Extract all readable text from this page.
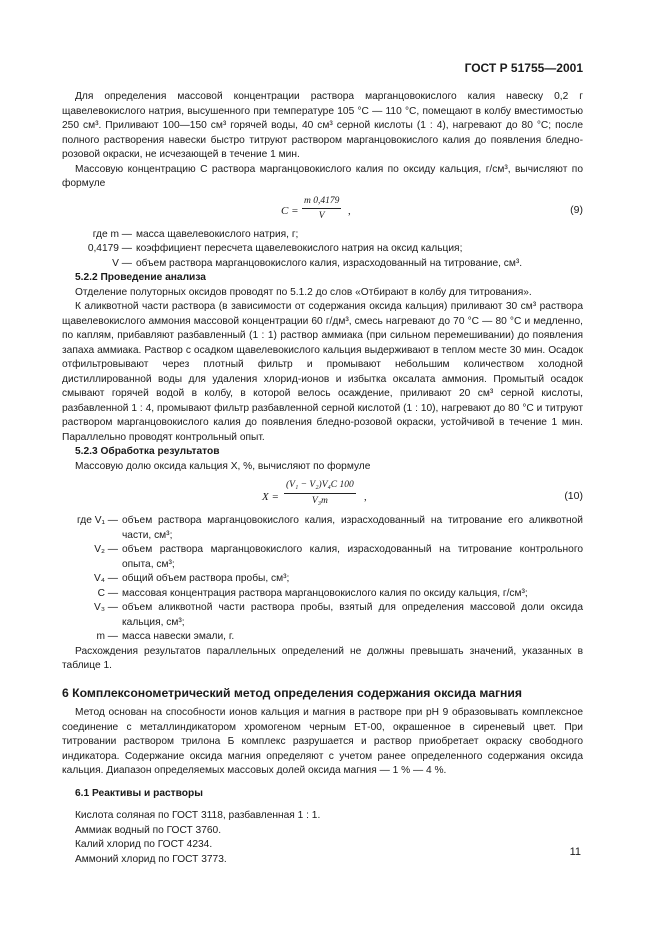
ГОСТ Р 51755—2001

Для определения массовой концентрации раствора марганцовокислого калия навеску 0,2 г щавелевокислого натрия, высушенного при температуре 105 °С — 110 °С, помещают в колбу вместимостью 250 см³. Приливают 100—150 см³ горячей воды, 40 см³ серной кислоты (1 : 4), нагревают до 80 °С; после полного растворения навески быстро титруют раствором марганцовокислого калия до появления бледно-розовой окраски, не исчезающей в течение 1 мин.

Массовую концентрацию С раствора марганцовокислого калия по оксиду кальция, г/см³, вычисляют по формуле

$C = \frac{m 0,4179}{V}$ ,	(9)
где m — масса щавелевокислого натрия, г;
0,4179 — коэффициент пересчета щавелевокислого натрия на оксид кальция;
V — объем раствора марганцовокислого калия, израсходованный на титрование, см³.

5.2.2 Проведение анализа

Отделение полуторных оксидов проводят по 5.1.2 до слов «Отбирают в колбу для титрования».

К аликвотной части раствора (в зависимости от содержания оксида кальция) приливают 30 см³ раствора щавелевокислого аммония массовой концентрации 60 г/дм³, смесь нагревают до 70 °С — 80 °С и медленно, по каплям, прибавляют разбавленный (1 : 1) раствор аммиака (при сильном перемешивании) до появления запаха аммиака. Раствор с осадком щавелевокислого кальция выдерживают в теплом месте 30 мин. Осадок отфильтровывают через плотный фильтр и промывают небольшим количеством холодной дистиллированной воды для удаления хлорид-ионов и избытка оксалата аммония. Промытый осадок смывают горячей водой в колбу, в которой велось осаждение, приливают 20 см³ серной кислоты, разбавленной 1 : 4, промывают фильтр разбавленной серной кислотой (1 : 10), нагревают до 80 °С и титруют раствором марганцовокислого калия до появления бледно-розовой окраски, устойчивой в течение 1 мин. Параллельно проводят контрольный опыт.

5.2.3 Обработка результатов

Массовую долю оксида кальция Х, %, вычисляют по формуле

$X = \frac{\text{(V₁ − V₂)V₄C 100}}{\text{V₃m}}$ ,	(10)
где V₁ — объем раствора марганцовокислого калия, израсходованный на титрование его аликвотной части, см³;
V₂ — объем раствора марганцовокислого калия, израсходованный на титрование контрольного опыта, см³;
V₄ — общий объем раствора пробы, см³;
С — массовая концентрация раствора марганцовокислого калия по оксиду кальция, г/см³;
V₃ — объем аликвотной части раствора пробы, взятый для определения массовой доли оксида кальция, см³;
m — масса навески эмали, г.

Расхождения результатов параллельных определений не должны превышать значений, указанных в таблице 1.

6 Комплексонометрический метод определения содержания оксида магния

Метод основан на способности ионов кальция и магния в растворе при рН 9 образовывать комплексное соединение с металлиндикатором хромогеном черным ЕТ-00, окрашенное в сиреневый цвет. При титровании раствором трилона Б комплекс разрушается и раствор приобретает окраску свободного индикатора. Содержание оксида магния определяют с учетом ранее определенного содержания оксида кальция. Диапазон определяемых массовых долей оксида магния — 1 % — 4 %.

6.1 Реактивы и растворы

Кислота соляная по ГОСТ 3118, разбавленная 1 : 1.

Аммиак водный по ГОСТ 3760.

Калий хлорид по ГОСТ 4234.

Аммоний хлорид по ГОСТ 3773.

11
